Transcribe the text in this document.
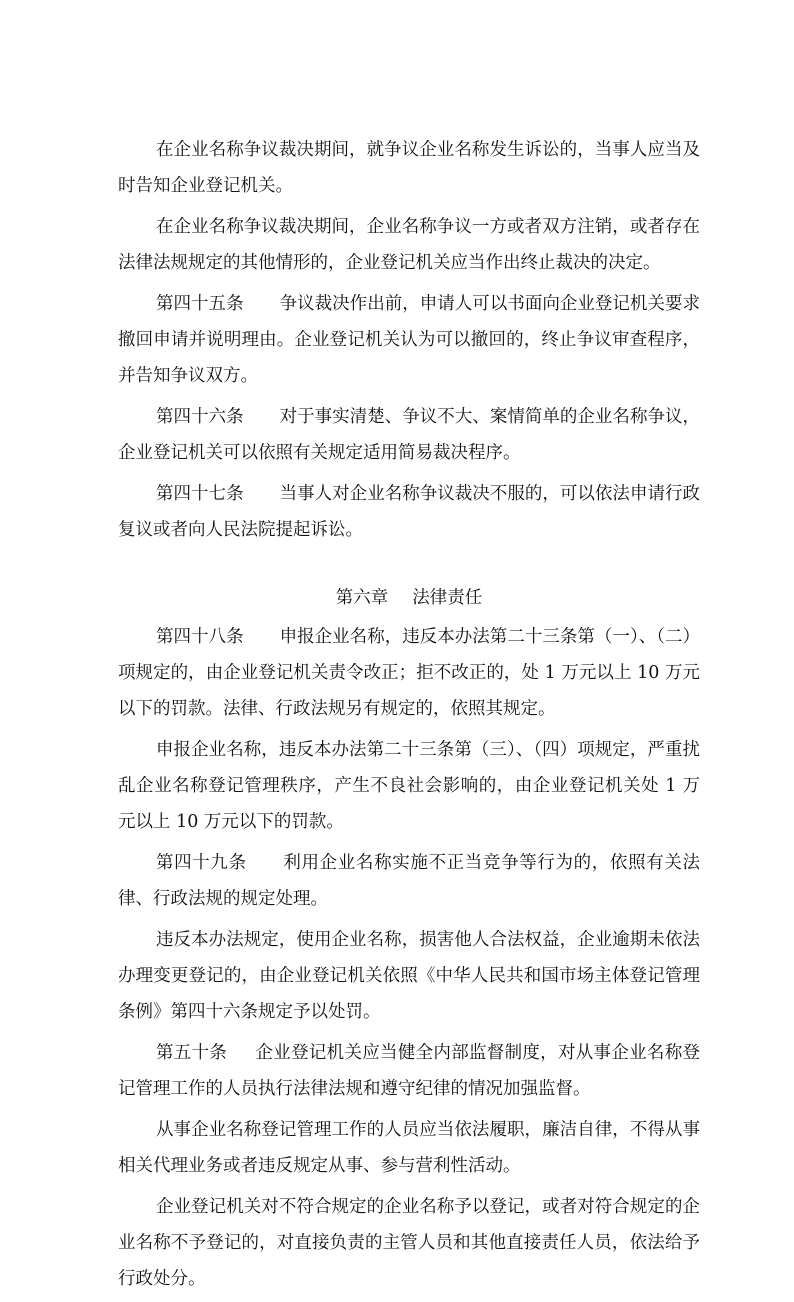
在企业名称争议裁决期间，就争议企业名称发生诉讼的，当事人应当及时告知企业登记机关。

在企业名称争议裁决期间，企业名称争议一方或者双方注销，或者存在法律法规规定的其他情形的，企业登记机关应当作出终止裁决的决定。

第四十五条 争议裁决作出前，申请人可以书面向企业登记机关要求撤回申请并说明理由。企业登记机关认为可以撤回的，终止争议审查程序，并告知争议双方。

第四十六条 对于事实清楚、争议不大、案情简单的企业名称争议，企业登记机关可以依照有关规定适用简易裁决程序。

第四十七条 当事人对企业名称争议裁决不服的，可以依法申请行政复议或者向人民法院提起诉讼。

第六章 法律责任

第四十八条 申报企业名称，违反本办法第二十三条第（一）、（二）项规定的，由企业登记机关责令改正；拒不改正的，处 1 万元以上 10 万元以下的罚款。法律、行政法规另有规定的，依照其规定。

申报企业名称，违反本办法第二十三条第（三）、（四）项规定，严重扰乱企业名称登记管理秩序，产生不良社会影响的，由企业登记机关处 1 万元以上 10 万元以下的罚款。

第四十九条 利用企业名称实施不正当竞争等行为的，依照有关法律、行政法规的规定处理。

违反本办法规定，使用企业名称，损害他人合法权益，企业逾期未依法办理变更登记的，由企业登记机关依照《中华人民共和国市场主体登记管理条例》第四十六条规定予以处罚。

第五十条 企业登记机关应当健全内部监督制度，对从事企业名称登记管理工作的人员执行法律法规和遵守纪律的情况加强监督。

从事企业名称登记管理工作的人员应当依法履职，廉洁自律，不得从事相关代理业务或者违反规定从事、参与营利性活动。

企业登记机关对不符合规定的企业名称予以登记，或者对符合规定的企业名称不予登记的，对直接负责的主管人员和其他直接责任人员，依法给予行政处分。
